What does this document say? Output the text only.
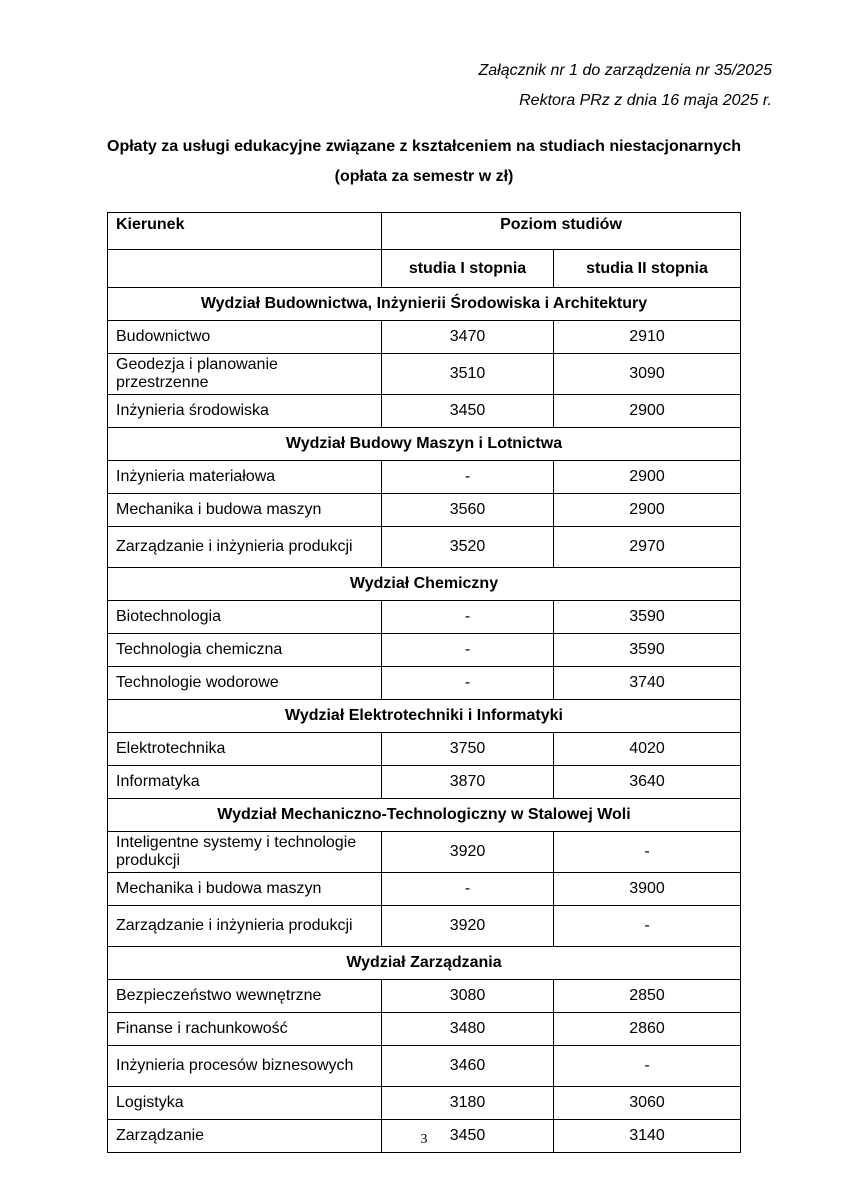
Załącznik nr 1 do zarządzenia nr 35/2025
Rektora PRz z dnia 16 maja 2025 r.
Opłaty za usługi edukacyjne związane z kształceniem na studiach niestacjonarnych
(opłata za semestr w zł)
Kierunek	Poziom studiów	
	studia I stopnia	studia II stopnia
Wydział Budownictwa, Inżynierii Środowiska i Architektury		
Budownictwo	3470	2910
Geodezja i planowanie przestrzenne	3510	3090
Inżynieria środowiska	3450	2900
Wydział Budowy Maszyn i Lotnictwa		
Inżynieria materiałowa	-	2900
Mechanika i budowa maszyn	3560	2900
Zarządzanie i inżynieria produkcji	3520	2970
Wydział Chemiczny		
Biotechnologia	-	3590
Technologia chemiczna	-	3590
Technologie wodorowe	-	3740
Wydział Elektrotechniki i Informatyki		
Elektrotechnika	3750	4020
Informatyka	3870	3640
Wydział Mechaniczno-Technologiczny w Stalowej Woli		
Inteligentne systemy i technologie produkcji	3920	-
Mechanika i budowa maszyn	-	3900
Zarządzanie i inżynieria produkcji	3920	-
Wydział Zarządzania		
Bezpieczeństwo wewnętrzne	3080	2850
Finanse i rachunkowość	3480	2860
Inżynieria procesów biznesowych	3460	-
Logistyka	3180	3060
Zarządzanie	3450	3140
3
